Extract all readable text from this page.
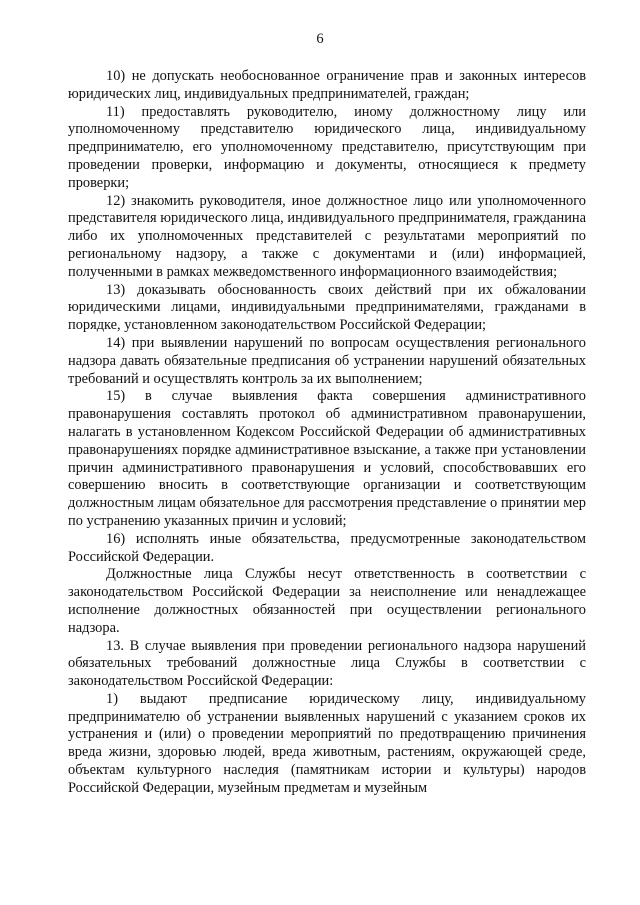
6

10) не допускать необоснованное ограничение прав и законных интересов юридических лиц, индивидуальных предпринимателей, граждан;

11) предоставлять руководителю, иному должностному лицу или уполномоченному представителю юридического лица, индивидуальному предпринимателю, его уполномоченному представителю, присутствующим при проведении проверки, информацию и документы, относящиеся к предмету проверки;

12) знакомить руководителя, иное должностное лицо или уполномоченного представителя юридического лица, индивидуального предпринимателя, гражданина либо их уполномоченных представителей с результатами мероприятий по региональному надзору, а также с документами и (или) информацией, полученными в рамках межведомственного информационного взаимодействия;

13) доказывать обоснованность своих действий при их обжаловании юридическими лицами, индивидуальными предпринимателями, гражданами в порядке, установленном законодательством Российской Федерации;

14) при выявлении нарушений по вопросам осуществления регионального надзора давать обязательные предписания об устранении нарушений обязательных требований и осуществлять контроль за их выполнением;

15) в случае выявления факта совершения административного правонарушения составлять протокол об административном правонарушении, налагать в установленном Кодексом Российской Федерации об административных правонарушениях порядке административное взыскание, а также при установлении причин административного правонарушения и условий, способствовавших его совершению вносить в соответствующие организации и соответствующим должностным лицам обязательное для рассмотрения представление о принятии мер по устранению указанных причин и условий;

16) исполнять иные обязательства, предусмотренные законодательством Российской Федерации.

Должностные лица Службы несут ответственность в соответствии с законодательством Российской Федерации за неисполнение или ненадлежащее исполнение должностных обязанностей при осуществлении регионального надзора.

13. В случае выявления при проведении регионального надзора нарушений обязательных требований должностные лица Службы в соответствии с законодательством Российской Федерации:

1) выдают предписание юридическому лицу, индивидуальному предпринимателю об устранении выявленных нарушений с указанием сроков их устранения и (или) о проведении мероприятий по предотвращению причинения вреда жизни, здоровью людей, вреда животным, растениям, окружающей среде, объектам культурного наследия (памятникам истории и культуры) народов Российской Федерации, музейным предметам и музейным
